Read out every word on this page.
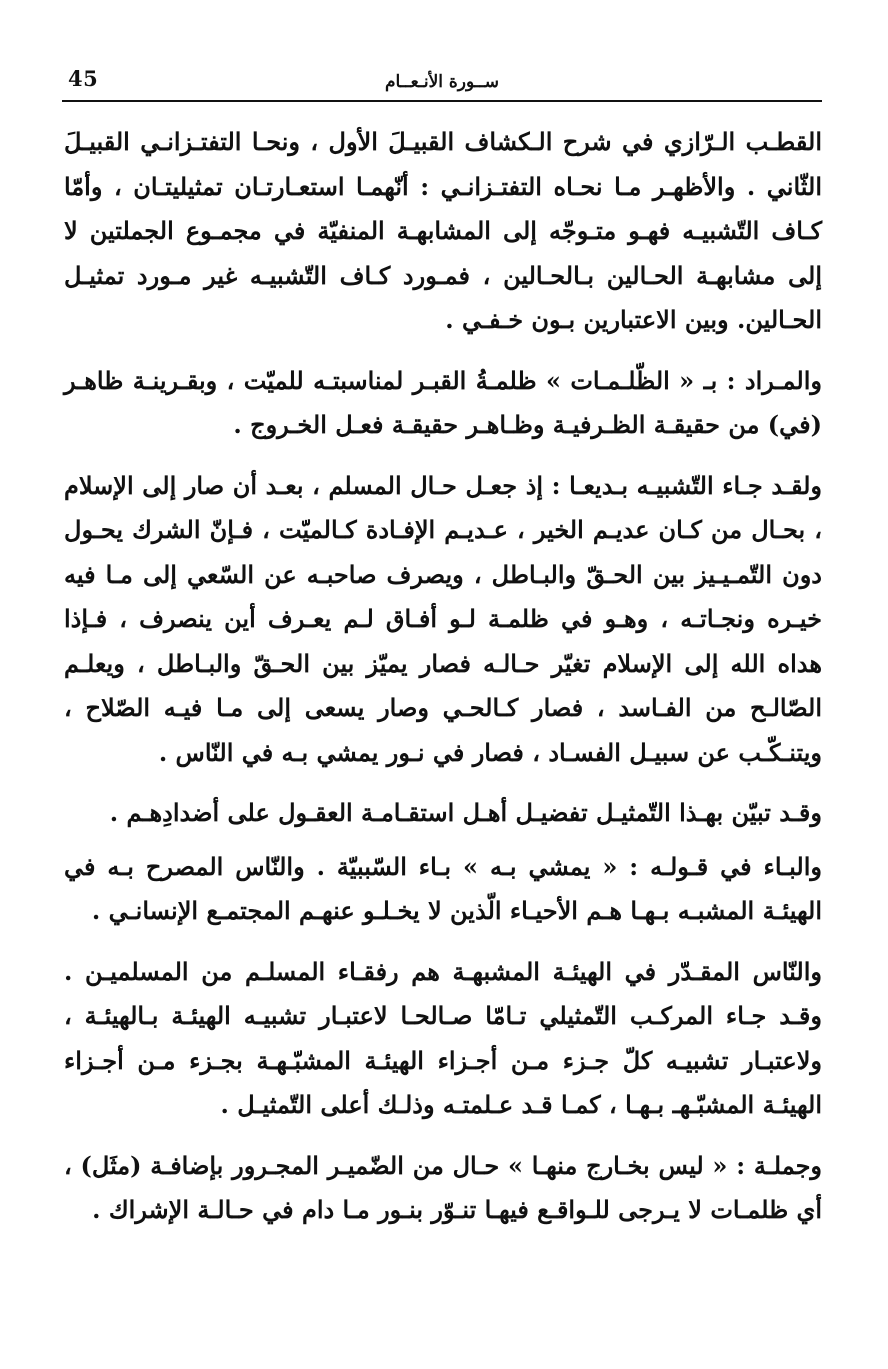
45	ســورة الأنـعــام

القطـب الـرّازي في شرح الـكشاف القبيـلَ الأول ، ونحـا التفتـزانـي القبيـلَ الثّاني . والأظهـر مـا نحـاه التفتـزانـي : أنّهمـا استعـارتـان تمثيليتـان ، وأمّا كـاف التّشبيـه فهـو متـوجّه إلى المشابهـة المنفيّة في مجمـوع الجملتين لا إلى مشابهـة الحـالين بـالحـالين ، فمـورد كـاف التّشبيـه غير مـورد تمثيـل الحـالين. وبين الاعتبارين بـون خـفـي .

والمـراد : بـ « الظّلـمـات » ظلمـةُ القبـر لمناسبتـه للميّت ، وبقـرينـة ظاهـر (في) من حقيقـة الظـرفيـة وظـاهـر حقيقـة فعـل الخـروج .

ولقـد جـاء التّشبيـه بـديعـا : إذ جعـل حـال المسلم ، بعـد أن صار إلى الإسلام ، بحـال من كـان عديـم الخير ، عـديـم الإفـادة كـالميّت ، فـإنّ الشرك يحـول دون التّمـيـيز بين الحـقّ والبـاطل ، ويصرف صاحبـه عن السّعي إلى مـا فيه خيـره ونجـاتـه ، وهـو في ظلمـة لـو أفـاق لـم يعـرف أين ينصرف ، فـإذا هداه الله إلى الإسلام تغيّر حـالـه فصار يميّز بين الحـقّ والبـاطل ، ويعلـم الصّالـح من الفـاسد ، فصار كـالحـي وصار يسعى إلى مـا فيـه الصّلاح ، ويتنـكّـب عن سبيـل الفسـاد ، فصار في نـور يمشي بـه في النّاس .

وقـد تبيّن بهـذا التّمثيـل تفضيـل أهـل استقـامـة العقـول على أضدادِهـم .

والبـاء في قـولـه : « يمشي بـه » بـاء السّببيّة . والنّاس المصرح بـه في الهيئـة المشبـه بـهـا هـم الأحيـاء الّذين لا يخـلـو عنهـم المجتمـع الإنسانـي .

والنّاس المقـدّر في الهيئـة المشبهـة هم رفقـاء المسلـم من المسلميـن . وقـد جـاء المركـب التّمثيلي تـامّا صـالحـا لاعتبـار تشبيـه الهيئـة بـالهيئـة ، ولاعتبـار تشبيـه كلّ جـزء مـن أجـزاء الهيئـة المشبّـهـة بجـزء مـن أجـزاء الهيئـة المشبّـهـ بـهـا ، كمـا قـد عـلمتـه وذلـك أعلى التّمثيـل .

وجملـة : « ليس بخـارج منهـا » حـال من الضّميـر المجـرور بإضافـة (مثَل) ، أي ظلمـات لا يـرجى للـواقـع فيهـا تنـوّر بنـور مـا دام في حـالـة الإشراك .
